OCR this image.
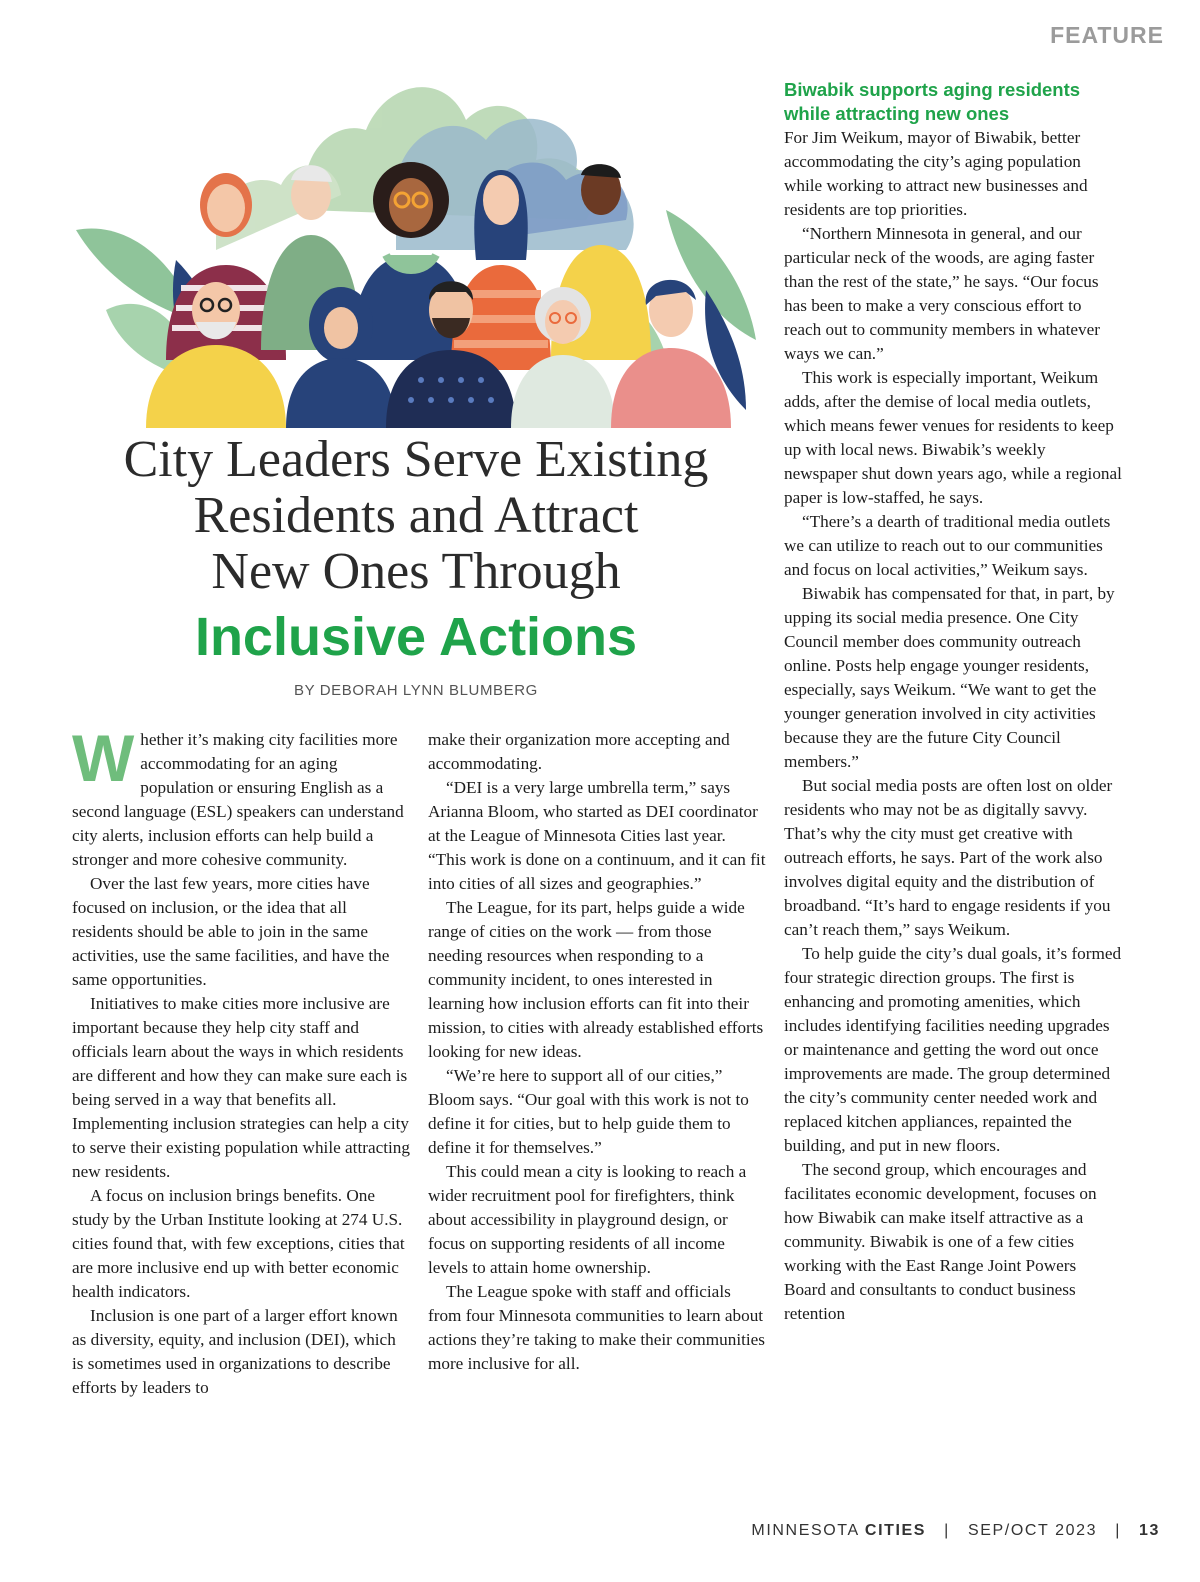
FEATURE
City Leaders Serve Existing
Residents and Attract
New Ones Through
Inclusive Actions
BY DEBORAH LYNN BLUMBERG

Whether it’s making city facilities more accommodating for an aging population or ensuring English as a second language (ESL) speakers can understand city alerts, inclusion efforts can help build a stronger and more cohesive community.

Over the last few years, more cities have focused on inclusion, or the idea that all residents should be able to join in the same activities, use the same facilities, and have the same opportunities.

Initiatives to make cities more inclusive are important because they help city staff and officials learn about the ways in which residents are different and how they can make sure each is being served in a way that benefits all. Implementing inclusion strategies can help a city to serve their existing population while attracting new residents.

A focus on inclusion brings benefits. One study by the Urban Institute looking at 274 U.S. cities found that, with few exceptions, cities that are more inclusive end up with better economic health indicators.

Inclusion is one part of a larger effort known as diversity, equity, and inclusion (DEI), which is sometimes used in organizations to describe efforts by leaders to

make their organization more accepting and accommodating.

“DEI is a very large umbrella term,” says Arianna Bloom, who started as DEI coordinator at the League of Minnesota Cities last year. “This work is done on a continuum, and it can fit into cities of all sizes and geographies.”

The League, for its part, helps guide a wide range of cities on the work — from those needing resources when responding to a community incident, to ones interested in learning how inclusion efforts can fit into their mission, to cities with already established efforts looking for new ideas.

“We’re here to support all of our cities,” Bloom says. “Our goal with this work is not to define it for cities, but to help guide them to define it for themselves.”

This could mean a city is looking to reach a wider recruitment pool for firefighters, think about accessibility in playground design, or focus on supporting residents of all income levels to attain home ownership.

The League spoke with staff and officials from four Minnesota communities to learn about actions they’re taking to make their communities more inclusive for all.

Biwabik supports aging residents while attracting new ones

For Jim Weikum, mayor of Biwabik, better accommodating the city’s aging population while working to attract new businesses and residents are top priorities.

“Northern Minnesota in general, and our particular neck of the woods, are aging faster than the rest of the state,” he says. “Our focus has been to make a very conscious effort to reach out to community members in whatever ways we can.”

This work is especially important, Weikum adds, after the demise of local media outlets, which means fewer venues for residents to keep up with local news. Biwabik’s weekly newspaper shut down years ago, while a regional paper is low-staffed, he says.

“There’s a dearth of traditional media outlets we can utilize to reach out to our communities and focus on local activities,” Weikum says.

Biwabik has compensated for that, in part, by upping its social media presence. One City Council member does community outreach online. Posts help engage younger residents, especially, says Weikum. “We want to get the younger generation involved in city activities because they are the future City Council members.”

But social media posts are often lost on older residents who may not be as digitally savvy. That’s why the city must get creative with outreach efforts, he says. Part of the work also involves digital equity and the distribution of broadband. “It’s hard to engage residents if you can’t reach them,” says Weikum.

To help guide the city’s dual goals, it’s formed four strategic direction groups. The first is enhancing and promoting amenities, which includes identifying facilities needing upgrades or maintenance and getting the word out once improvements are made. The group determined the city’s community center needed work and replaced kitchen appliances, repainted the building, and put in new floors.

The second group, which encourages and facilitates economic development, focuses on how Biwabik can make itself attractive as a community. Biwabik is one of a few cities working with the East Range Joint Powers Board and consultants to conduct business retention

MINNESOTA CITIES | SEP/OCT 2023 | 13
